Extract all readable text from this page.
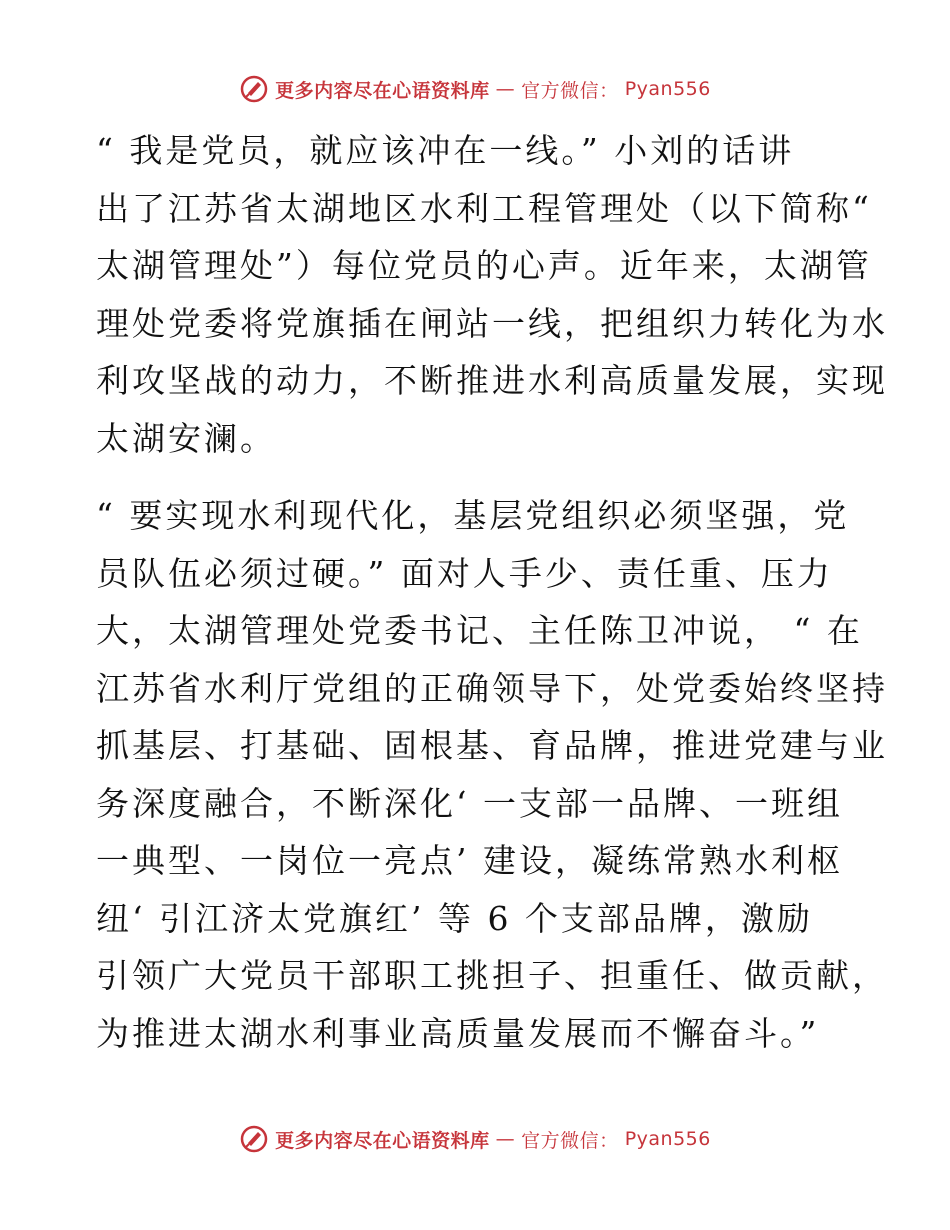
更多内容尽在心语资料库 — 官方微信： Pyan556

“ 我是党员，就应该冲在一线。” 小刘的话讲
出了江苏省太湖地区水利工程管理处（以下简称“
太湖管理处”）每位党员的心声。近年来，太湖管
理处党委将党旗插在闸站一线，把组织力转化为水
利攻坚战的动力，不断推进水利高质量发展，实现
太湖安澜。

“ 要实现水利现代化，基层党组织必须坚强，党
员队伍必须过硬。” 面对人手少、责任重、压力
大，太湖管理处党委书记、主任陈卫冲说， “ 在
江苏省水利厅党组的正确领导下，处党委始终坚持
抓基层、打基础、固根基、育品牌，推进党建与业
务深度融合，不断深化‘ 一支部一品牌、一班组
一典型、一岗位一亮点’ 建设，凝练常熟水利枢
纽‘ 引江济太党旗红’ 等 6 个支部品牌，激励
引领广大党员干部职工挑担子、担重任、做贡献，
为推进太湖水利事业高质量发展而不懈奋斗。”

更多内容尽在心语资料库 — 官方微信： Pyan556
